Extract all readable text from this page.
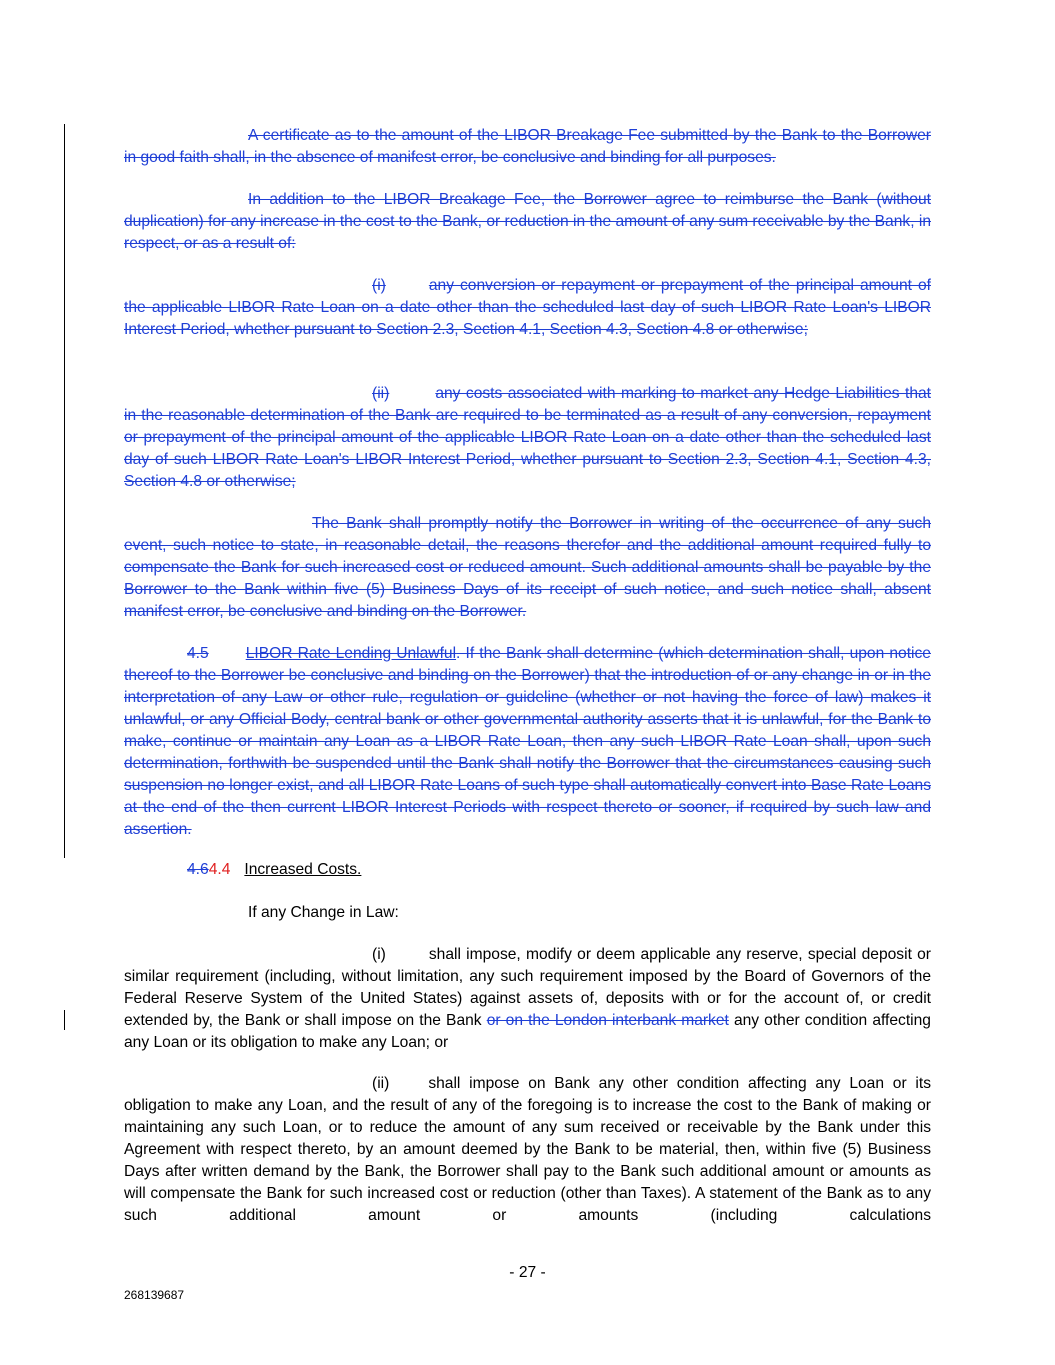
A certificate as to the amount of the LIBOR Breakage Fee submitted by the Bank to the Borrower in good faith shall, in the absence of manifest error, be conclusive and binding for all purposes.

In addition to the LIBOR Breakage Fee, the Borrower agree to reimburse the Bank (without duplication) for any increase in the cost to the Bank, or reduction in the amount of any sum receivable by the Bank, in respect, or as a result of:

(i)	any conversion or repayment or prepayment of the principal amount of the applicable LIBOR Rate Loan on a date other than the scheduled last day of such LIBOR Rate Loan's LIBOR Interest Period, whether pursuant to Section 2.3, Section 4.1, Section 4.3, Section 4.8 or otherwise;

(ii)	any costs associated with marking to market any Hedge Liabilities that in the reasonable determination of the Bank are required to be terminated as a result of any conversion, repayment or prepayment of the principal amount of the applicable LIBOR Rate Loan on a date other than the scheduled last day of such LIBOR Rate Loan's LIBOR Interest Period, whether pursuant to Section 2.3, Section 4.1, Section 4.3, Section 4.8 or otherwise;

The Bank shall promptly notify the Borrower in writing of the occurrence of any such event, such notice to state, in reasonable detail, the reasons therefor and the additional amount required fully to compensate the Bank for such increased cost or reduced amount. Such additional amounts shall be payable by the Borrower to the Bank within five (5) Business Days of its receipt of such notice, and such notice shall, absent manifest error, be conclusive and binding on the Borrower.

4.5 LIBOR Rate Lending Unlawful. If the Bank shall determine (which determination shall, upon notice thereof to the Borrower be conclusive and binding on the Borrower) that the introduction of or any change in or in the interpretation of any Law or other rule, regulation or guideline (whether or not having the force of law) makes it unlawful, or any Official Body, central bank or other governmental authority asserts that it is unlawful, for the Bank to make, continue or maintain any Loan as a LIBOR Rate Loan, then any such LIBOR Rate Loan shall, upon such determination, forthwith be suspended until the Bank shall notify the Borrower that the circumstances causing such suspension no longer exist, and all LIBOR Rate Loans of such type shall automatically convert into Base Rate Loans at the end of the then current LIBOR Interest Periods with respect thereto or sooner, if required by such law and assertion.

4.64.4 Increased Costs.

If any Change in Law:

(i)	shall impose, modify or deem applicable any reserve, special deposit or similar requirement (including, without limitation, any such requirement imposed by the Board of Governors of the Federal Reserve System of the United States) against assets of, deposits with or for the account of, or credit extended by, the Bank or shall impose on the Bank or on the London interbank market any other condition affecting any Loan or its obligation to make any Loan; or

(ii)	shall impose on Bank any other condition affecting any Loan or its obligation to make any Loan, and the result of any of the foregoing is to increase the cost to the Bank of making or maintaining any such Loan, or to reduce the amount of any sum received or receivable by the Bank under this Agreement with respect thereto, by an amount deemed by the Bank to be material, then, within five (5) Business Days after written demand by the Bank, the Borrower shall pay to the Bank such additional amount or amounts as will compensate the Bank for such increased cost or reduction (other than Taxes). A statement of the Bank as to any such additional amount or amounts (including calculations

- 27 -
268139687
